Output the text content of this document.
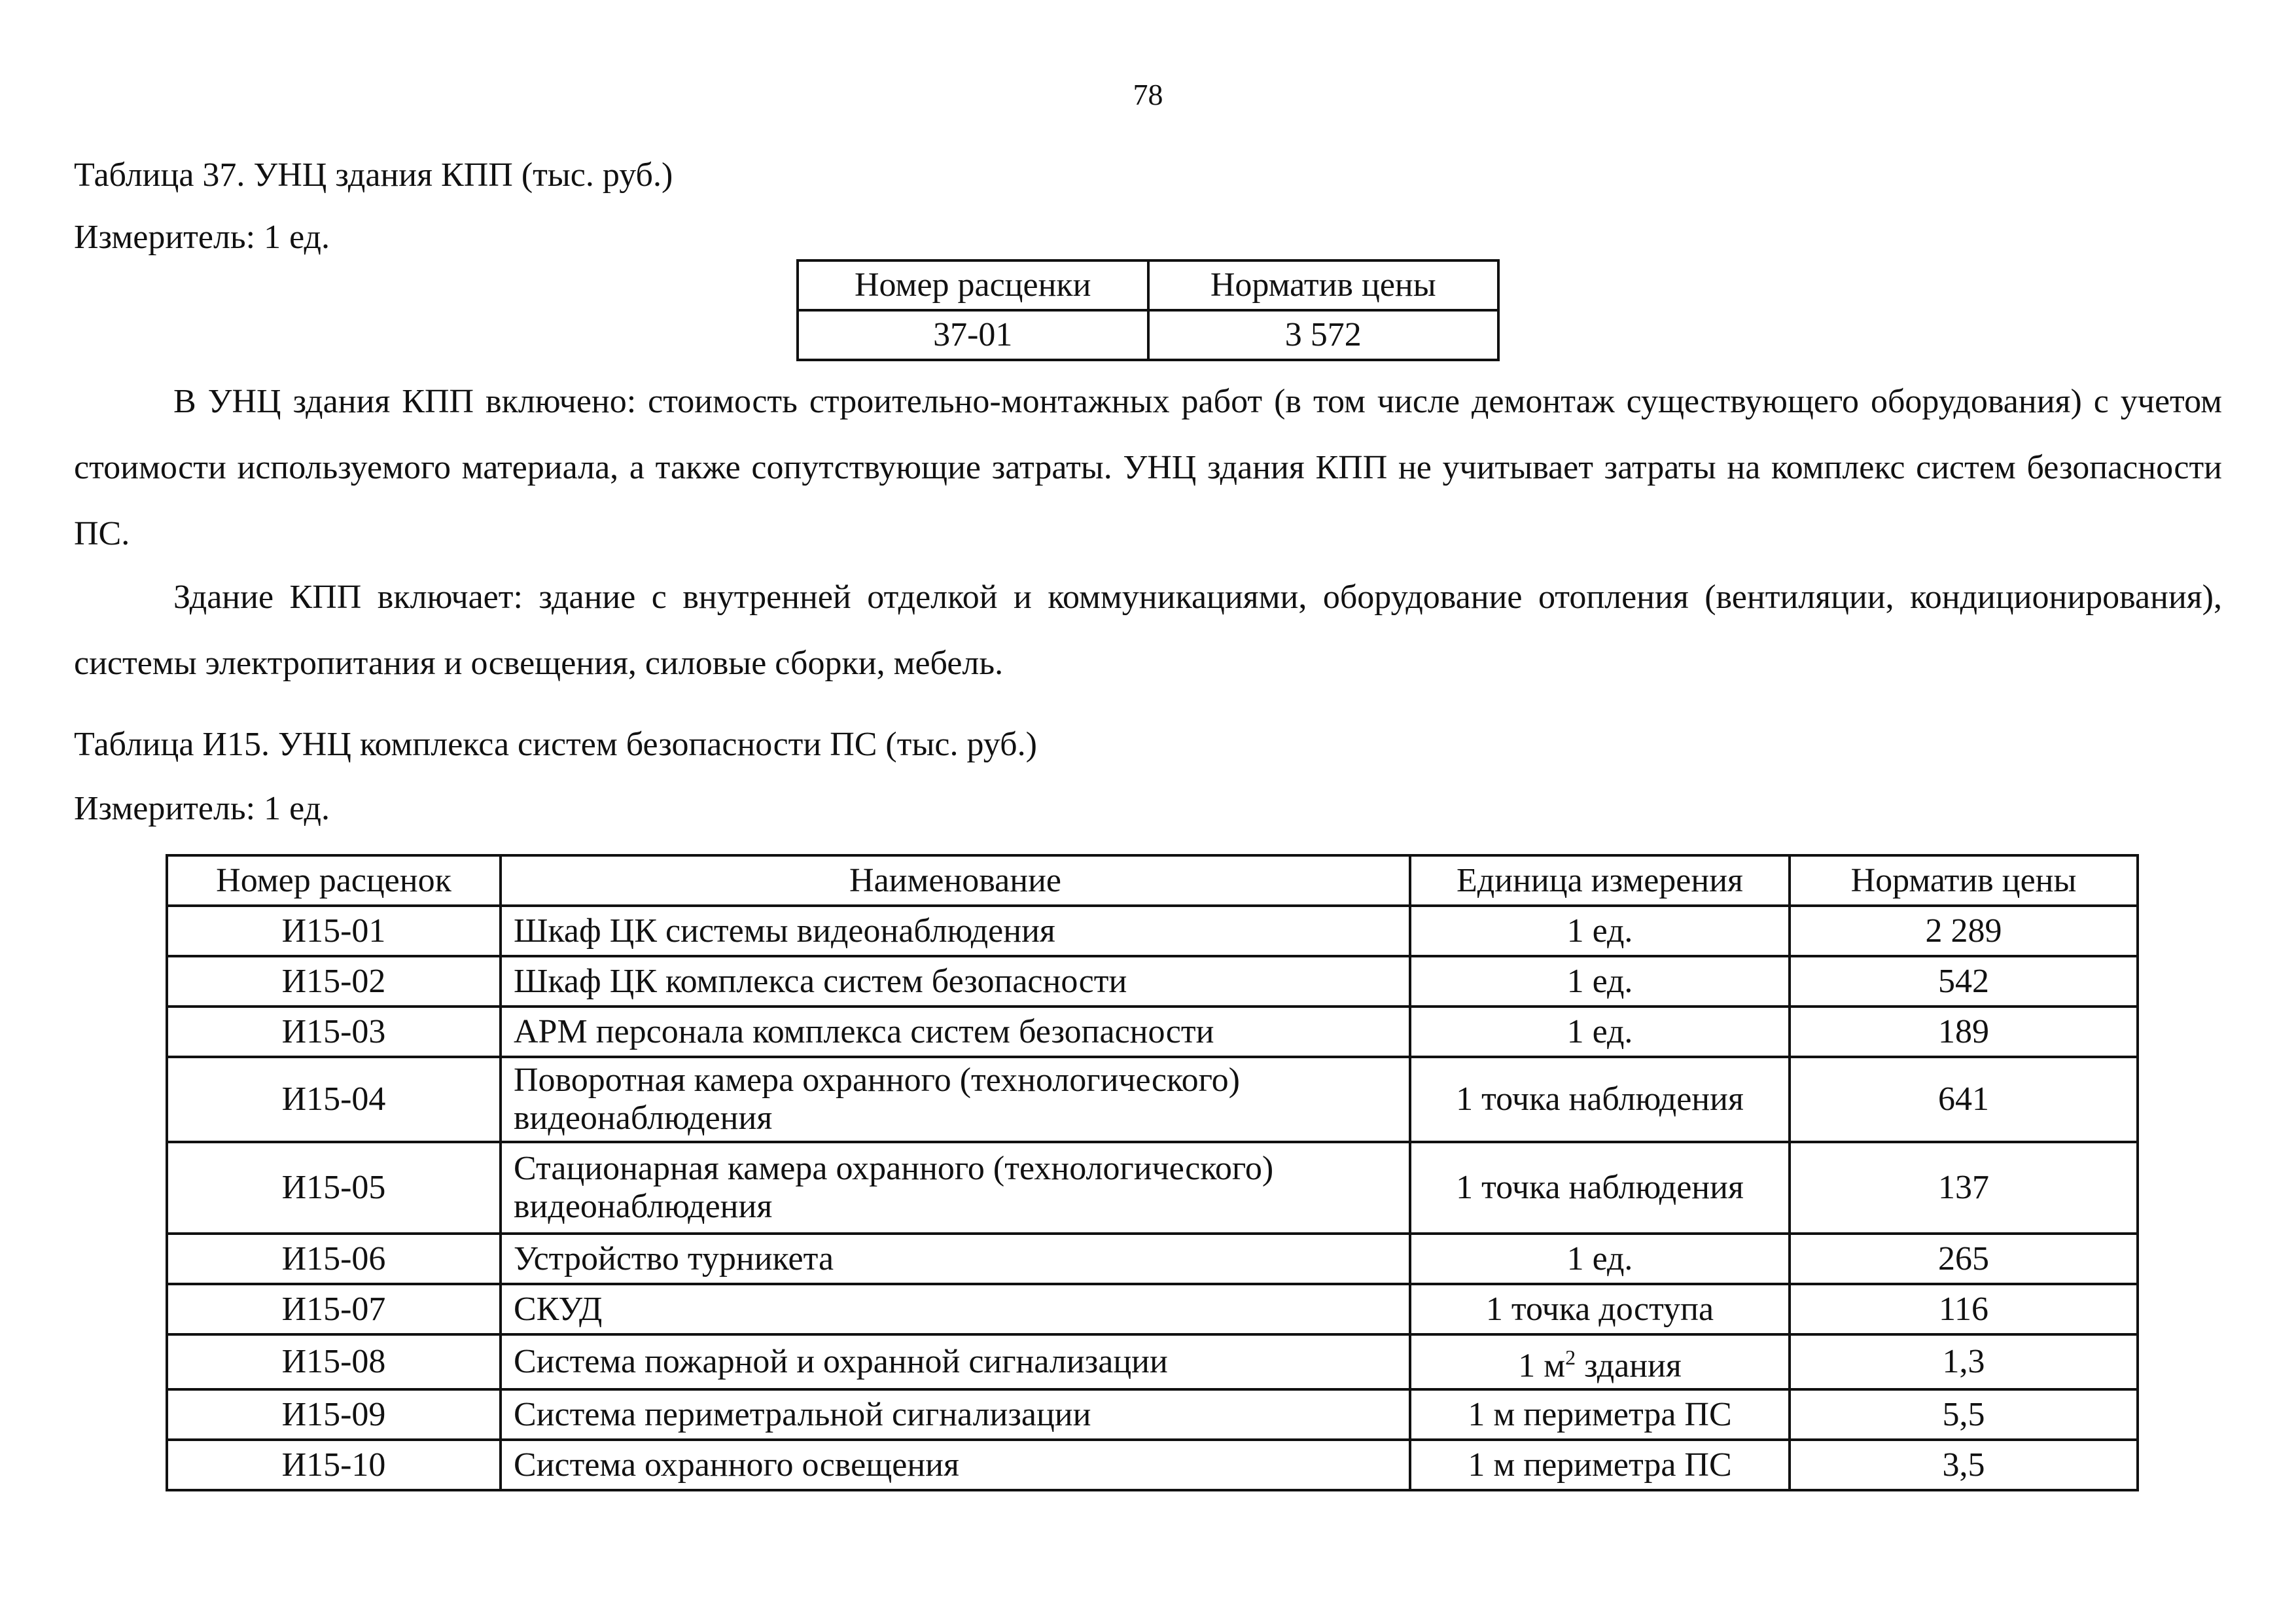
78
Таблица 37. УНЦ здания КПП (тыс. руб.)
Измеритель: 1 ед.
Номер расценки	Норматив цены
37-01	3 572

В УНЦ здания КПП включено: стоимость строительно-монтажных работ (в том числе демонтаж существующего оборудования) с учетом стоимости используемого материала, а также сопутствующие затраты. УНЦ здания КПП не учитывает затраты на комплекс систем безопасности ПС.

Здание КПП включает: здание с внутренней отделкой и коммуникациями, оборудование отопления (вентиляции, кондиционирования), системы электропитания и освещения, силовые сборки, мебель.

Таблица И15. УНЦ комплекса систем безопасности ПС (тыс. руб.)
Измеритель: 1 ед.
Номер расценок	Наименование	Единица измерения	Норматив цены
И15-01	Шкаф ЦК системы видеонаблюдения	1 ед.	2 289
И15-02	Шкаф ЦК комплекса систем безопасности	1 ед.	542
И15-03	АРМ персонала комплекса систем безопасности	1 ед.	189
И15-04	Поворотная камера охранного (технологического) видеонаблюдения	1 точка наблюдения	641
И15-05	Стационарная камера охранного (технологического) видеонаблюдения	1 точка наблюдения	137
И15-06	Устройство турникета	1 ед.	265
И15-07	СКУД	1 точка доступа	116
И15-08	Система пожарной и охранной сигнализации	1 $м^2$ здания	1,3
И15-09	Система периметральной сигнализации	1 м периметра ПС	5,5
И15-10	Система охранного освещения	1 м периметра ПС	3,5
